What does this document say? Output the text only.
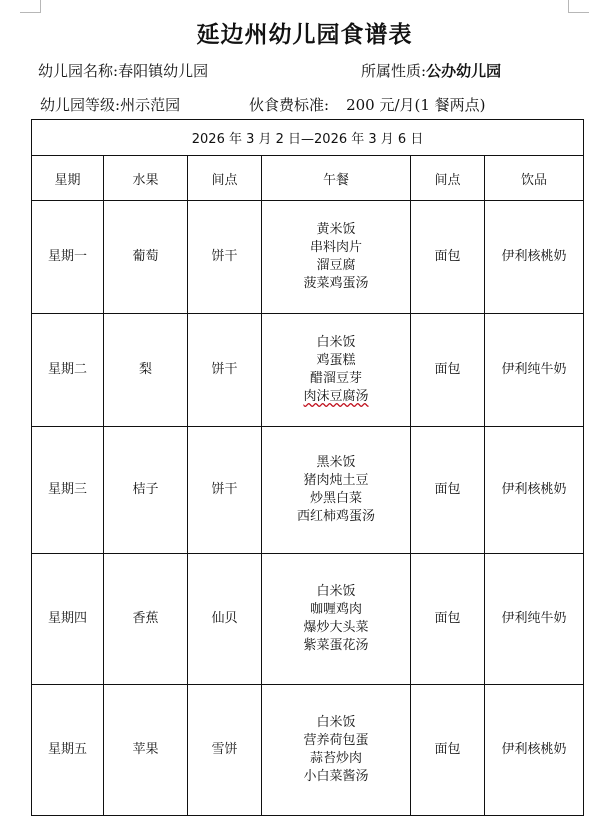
延边州幼儿园食谱表
幼儿园名称:春阳镇幼儿园	所属性质:公办幼儿园
幼儿园等级:州示范园	伙食费标准: 200 元/月(1 餐两点)
2026 年 3 月 2 日—2026 年 3 月 6 日					
星期	水果	间点	午餐	间点	饮品
星期一	葡萄	饼干	黄米饭
串料肉片
溜豆腐
菠菜鸡蛋汤	面包	伊利核桃奶
星期二	梨	饼干	白米饭
鸡蛋糕
醋溜豆芽
肉沫豆腐汤	面包	伊利纯牛奶
星期三	桔子	饼干	黑米饭
猪肉炖土豆
炒黑白菜
西红柿鸡蛋汤	面包	伊利核桃奶
星期四	香蕉	仙贝	白米饭
咖喱鸡肉
爆炒大头菜
紫菜蛋花汤	面包	伊利纯牛奶
星期五	苹果	雪饼	白米饭
营养荷包蛋
蒜苔炒肉
小白菜酱汤	面包	伊利核桃奶
